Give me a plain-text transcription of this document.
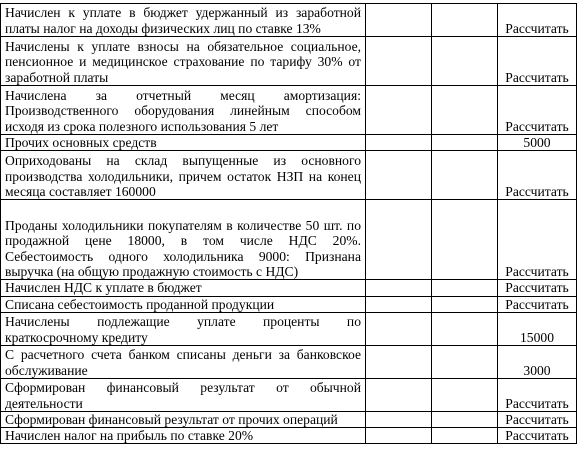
Начислен к уплате в бюджет удержанный из заработной платы налог на доходы физических лиц по ставке 13%			Рассчитать
Начислены к уплате взносы на обязательное социальное, пенсионное и медицинское страхование по тарифу 30% от заработной платы			Рассчитать
Начислена за отчетный месяц амортизация: Производственного оборудования линейным способом исходя из срока полезного использования 5 лет			Рассчитать
Прочих основных средств			5000
Оприходованы на склад выпущенные из основного производства холодильники, причем остаток НЗП на конец месяца составляет 160000			Рассчитать
Проданы холодильники покупателям в количестве 50 шт. по продажной цене 18000, в том числе НДС 20%. Себестоимость одного холодильника 9000: Признана выручка (на общую продажную стоимость с НДС)			Рассчитать
Начислен НДС к уплате в бюджет			Рассчитать
Списана себестоимость проданной продукции			Рассчитать
Начислены подлежащие уплате проценты по краткосрочному кредиту			15000
С расчетного счета банком списаны деньги за банковское обслуживание			3000
Сформирован финансовый результат от обычной деятельности			Рассчитать
Сформирован финансовый результат от прочих операций			Рассчитать
Начислен налог на прибыль по ставке 20%			Рассчитать
